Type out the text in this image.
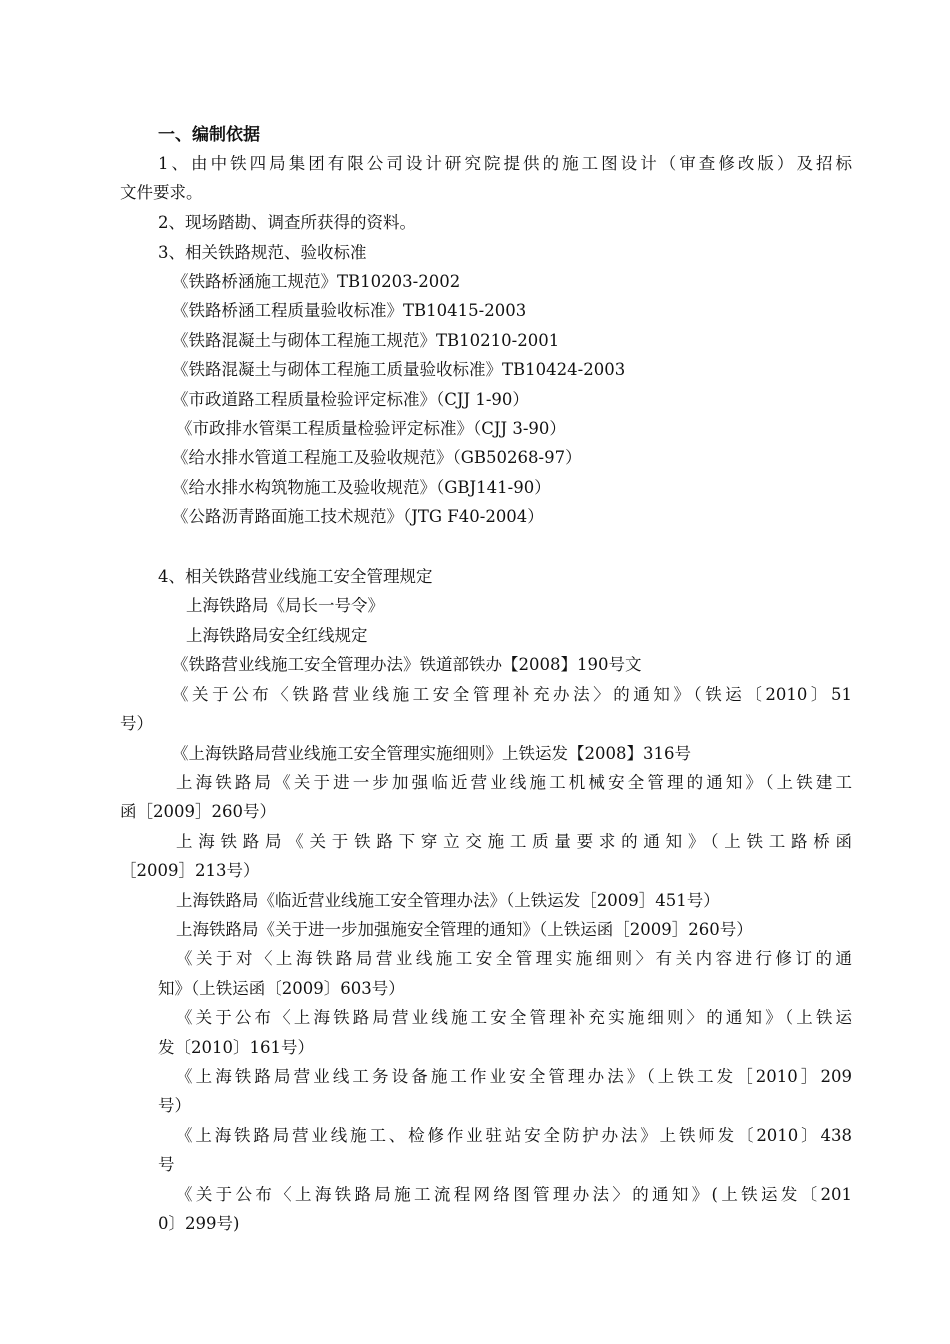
一、编制依据
1、由中铁四局集团有限公司设计研究院提供的施工图设计（审查修改版）及招标
文件要求。
2、现场踏勘、调查所获得的资料。
3、相关铁路规范、验收标准
《铁路桥涵施工规范》TB10203-2002
《铁路桥涵工程质量验收标准》TB10415-2003
《铁路混凝土与砌体工程施工规范》TB10210-2001
《铁路混凝土与砌体工程施工质量验收标准》TB10424-2003
《市政道路工程质量检验评定标准》（CJJ 1-90）
《市政排水管渠工程质量检验评定标准》（CJJ 3-90）
《给水排水管道工程施工及验收规范》（GB50268-97）
《给水排水构筑物施工及验收规范》（GBJ141-90）
《公路沥青路面施工技术规范》（JTG F40-2004）
4、相关铁路营业线施工安全管理规定
上海铁路局《局长一号令》
上海铁路局安全红线规定
《铁路营业线施工安全管理办法》铁道部铁办【2008】190号文
《关于公布〈铁路营业线施工安全管理补充办法〉的通知》（铁运〔2010〕51
号）
《上海铁路局营业线施工安全管理实施细则》上铁运发【2008】316号
上海铁路局《关于进一步加强临近营业线施工机械安全管理的通知》（上铁建工
函［2009］260号）
上海铁路局《关于铁路下穿立交施工质量要求的通知》（上铁工路桥函
［2009］213号）
上海铁路局《临近营业线施工安全管理办法》（上铁运发［2009］451号）
上海铁路局《关于进一步加强施安全管理的通知》（上铁运函［2009］260号）
《关于对〈上海铁路局营业线施工安全管理实施细则〉有关内容进行修订的通
知》（上铁运函〔2009〕603号）
《关于公布〈上海铁路局营业线施工安全管理补充实施细则〉的通知》（上铁运
发〔2010〕161号）
《上海铁路局营业线工务设备施工作业安全管理办法》（上铁工发［2010］209
号）
《上海铁路局营业线施工、检修作业驻站安全防护办法》上铁师发〔2010〕438
号
《关于公布〈上海铁路局施工流程网络图管理办法〉的通知》(上铁运发〔201
0〕299号)
